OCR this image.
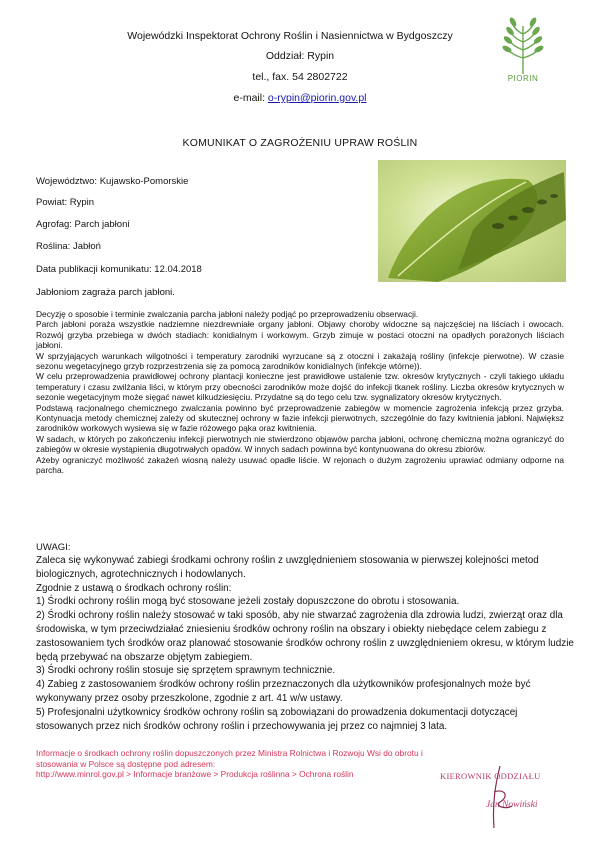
Wojewódzki Inspektorat Ochrony Roślin i Nasiennictwa w Bydgoszczy
Oddział: Rypin
tel., fax. 54 2802722
e-mail: o-rypin@piorin.gov.pl
PIORIN
KOMUNIKAT O ZAGROŻENIU UPRAW ROŚLIN
Województwo: Kujawsko-Pomorskie
Powiat: Rypin
Agrofag: Parch jabłoni
Roślina: Jabłoń
Data publikacji komunikatu: 12.04.2018
Jabłoniom zagraża parch jabłoni.

Decyzję o sposobie i terminie zwalczania parcha jabłoni należy podjąć po przeprowadzeniu obserwacji.

Parch jabłoni poraża wszystkie nadziemne niezdrewniałe organy jabłoni. Objawy choroby widoczne są najczęściej na liściach i owocach. Rozwój grzyba przebiega w dwóch stadiach: konidialnym i workowym. Grzyb zimuje w postaci otoczni na opadłych porażonych liściach jabłoni.

W sprzyjających warunkach wilgotności i temperatury zarodniki wyrzucane są z otoczni i zakażają rośliny (infekcje pierwotne). W czasie sezonu wegetacyjnego grzyb rozprzestrzenia się za pomocą zarodników konidialnych (infekcje wtórne)).

W celu przeprowadzenia prawidłowej ochrony plantacji konieczne jest prawidłowe ustalenie tzw. okresów krytycznych - czyli takiego układu temperatury i czasu zwilżania liści, w którym przy obecności zarodników może dojść do infekcji tkanek rośliny. Liczba okresów krytycznych w sezonie wegetacyjnym może sięgać nawet kilkudziesięciu. Przydatne są do tego celu tzw. sygnalizatory okresów krytycznych.

Podstawą racjonalnego chemicznego zwalczania powinno być przeprowadzenie zabiegów w momencie zagrożenia infekcją przez grzyba. Kontynuacja metody chemicznej zależy od skutecznej ochrony w fazie infekcji pierwotnych, szczególnie do fazy kwitnienia jabłoni. Największ zarodników workowych wysiewa się w fazie różowego pąka oraz kwitnienia.

W sadach, w których po zakończeniu infekcji pierwotnych nie stwierdzono objawów parcha jabłoni, ochronę chemiczną można ograniczyć do zabiegów w okresie wystąpienia długotrwałych opadów. W innych sadach powinna być kontynuowana do okresu zbiorów.

Ażeby ograniczyć możliwość zakażeń wiosną należy usuwać opadłe liście. W rejonach o dużym zagrożeniu uprawiać odmiany odporne na parcha.

UWAGI:

Zaleca się wykonywać zabiegi środkami ochrony roślin z uwzględnieniem stosowania w pierwszej kolejności metod biologicznych, agrotechnicznych i hodowlanych.

Zgodnie z ustawą o środkach ochrony roślin:

1) Środki ochrony roślin mogą być stosowane jeżeli zostały dopuszczone do obrotu i stosowania.

2) Środki ochrony roślin należy stosować w taki sposób, aby nie stwarzać zagrożenia dla zdrowia ludzi, zwierząt oraz dla środowiska, w tym przeciwdziałać zniesieniu środków ochrony roślin na obszary i obiekty niebędące celem zabiegu z zastosowaniem tych środków oraz planować stosowanie środków ochrony roślin z uwzględnieniem okresu, w którym ludzie będą przebywać na obszarze objętym zabiegiem.

3) Środki ochrony roślin stosuje się sprzętem sprawnym technicznie.

4) Zabieg z zastosowaniem środków ochrony roślin przeznaczonych dla użytkowników profesjonalnych może być wykonywany przez osoby przeszkolone, zgodnie z art. 41 w/w ustawy.

5) Profesjonalni użytkownicy środków ochrony roślin są zobowiązani do prowadzenia dokumentacji dotyczącej stosowanych przez nich środków ochrony roślin i przechowywania jej przez co najmniej 3 lata.

Informacje o środkach ochrony roślin dopuszczonych przez Ministra Rolnictwa i Rozwoju Wsi do obrotu i stosowania w Polsce są dostępne pod adresem:

http://www.minrol.gov.pl > Informacje branżowe > Produkcja roślinna > Ochrona roślin	KIEROWNIK ODDZIAŁU
Jan Nowiński
